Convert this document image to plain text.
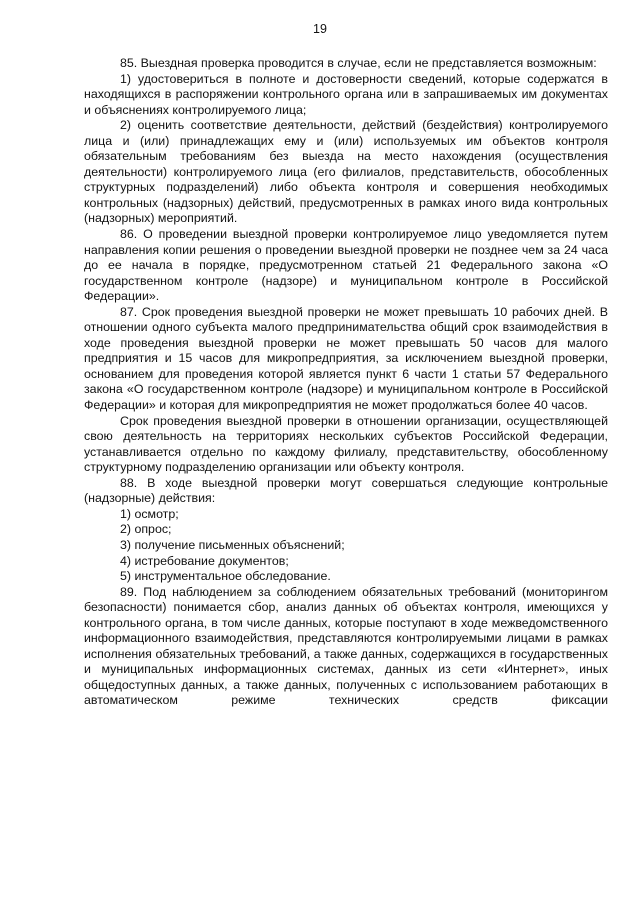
19

85. Выездная проверка проводится в случае, если не представляется возможным:

1) удостовериться в полноте и достоверности сведений, которые содержатся в находящихся в распоряжении контрольного органа или в запрашиваемых им документах и объяснениях контролируемого лица;

2) оценить соответствие деятельности, действий (бездействия) контролируемого лица и (или) принадлежащих ему и (или) используемых им объектов контроля обязательным требованиям без выезда на место нахождения (осуществления деятельности) контролируемого лица (его филиалов, представительств, обособленных структурных подразделений) либо объекта контроля и совершения необходимых контрольных (надзорных) действий, предусмотренных в рамках иного вида контрольных (надзорных) мероприятий.

86. О проведении выездной проверки контролируемое лицо уведомляется путем направления копии решения о проведении выездной проверки не позднее чем за 24 часа до ее начала в порядке, предусмотренном статьей 21 Федерального закона «О государственном контроле (надзоре) и муниципальном контроле в Российской Федерации».

87. Срок проведения выездной проверки не может превышать 10 рабочих дней. В отношении одного субъекта малого предпринимательства общий срок взаимодействия в ходе проведения выездной проверки не может превышать 50 часов для малого предприятия и 15 часов для микропредприятия, за исключением выездной проверки, основанием для проведения которой является пункт 6 части 1 статьи 57 Федерального закона «О государственном контроле (надзоре) и муниципальном контроле в Российской Федерации» и которая для микропредприятия не может продолжаться более 40 часов.

Срок проведения выездной проверки в отношении организации, осуществляющей свою деятельность на территориях нескольких субъектов Российской Федерации, устанавливается отдельно по каждому филиалу, представительству, обособленному структурному подразделению организации или объекту контроля.

88. В ходе выездной проверки могут совершаться следующие контрольные (надзорные) действия:

1) осмотр;

2) опрос;

3) получение письменных объяснений;

4) истребование документов;

5) инструментальное обследование.

89. Под наблюдением за соблюдением обязательных требований (мониторингом безопасности) понимается сбор, анализ данных об объектах контроля, имеющихся у контрольного органа, в том числе данных, которые поступают в ходе межведомственного информационного взаимодействия, представляются контролируемыми лицами в рамках исполнения обязательных требований, а также данных, содержащихся в государственных и муниципальных информационных системах, данных из сети «Интернет», иных общедоступных данных, а также данных, полученных с использованием работающих в автоматическом режиме технических средств фиксации
